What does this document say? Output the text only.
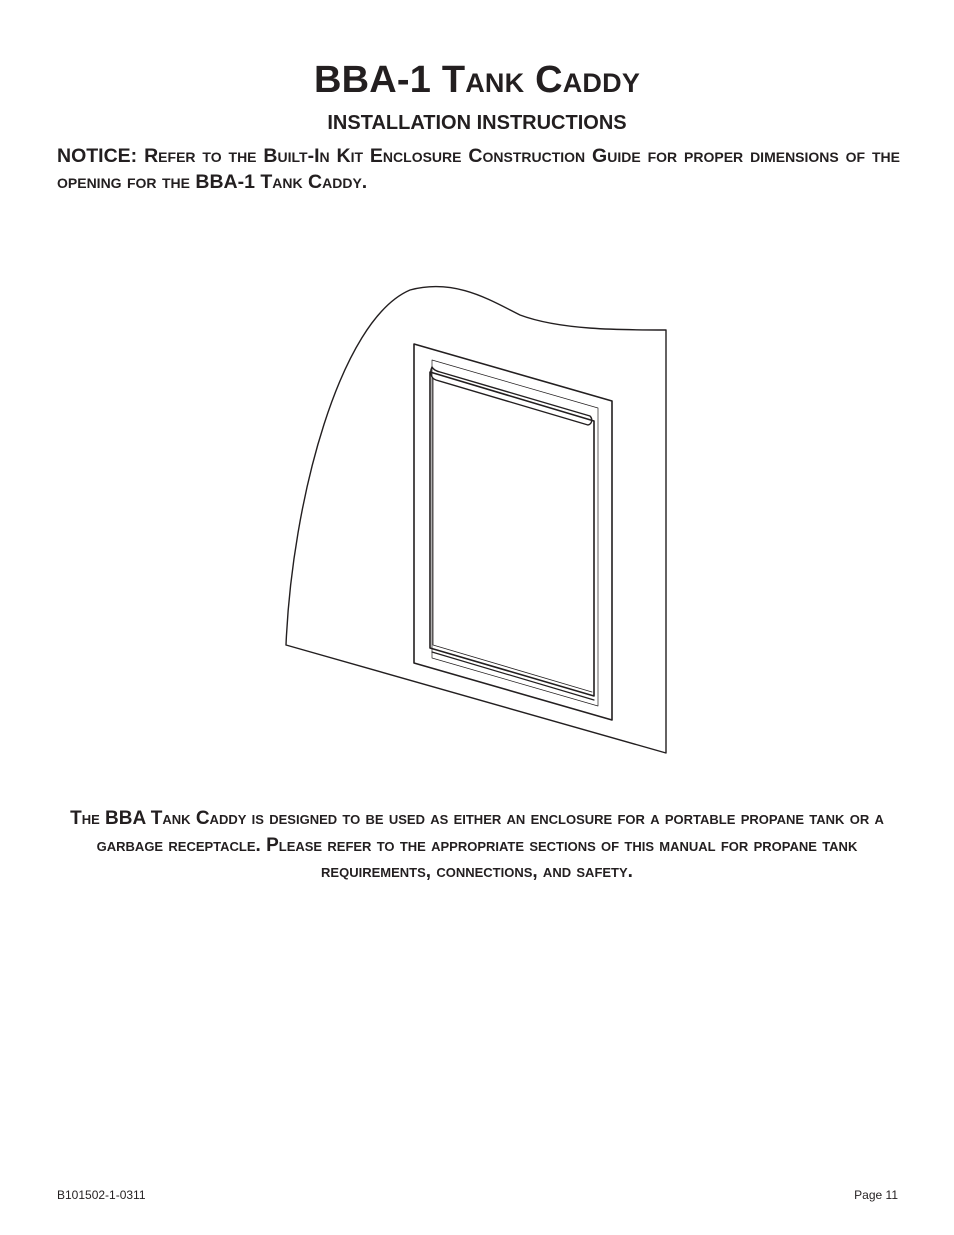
BBA-1 Tank Caddy
INSTALLATION INSTRUCTIONS
NOTICE: Refer to the Built-In Kit Enclosure Construction Guide for proper dimensions of the opening for the BBA-1 Tank Caddy.
The BBA Tank Caddy is designed to be used as either an enclosure for a portable propane tank or a garbage receptacle. Please refer to the appropriate sections of this manual for propane tank requirements, connections, and safety.
B101502-1-0311	Page 11
